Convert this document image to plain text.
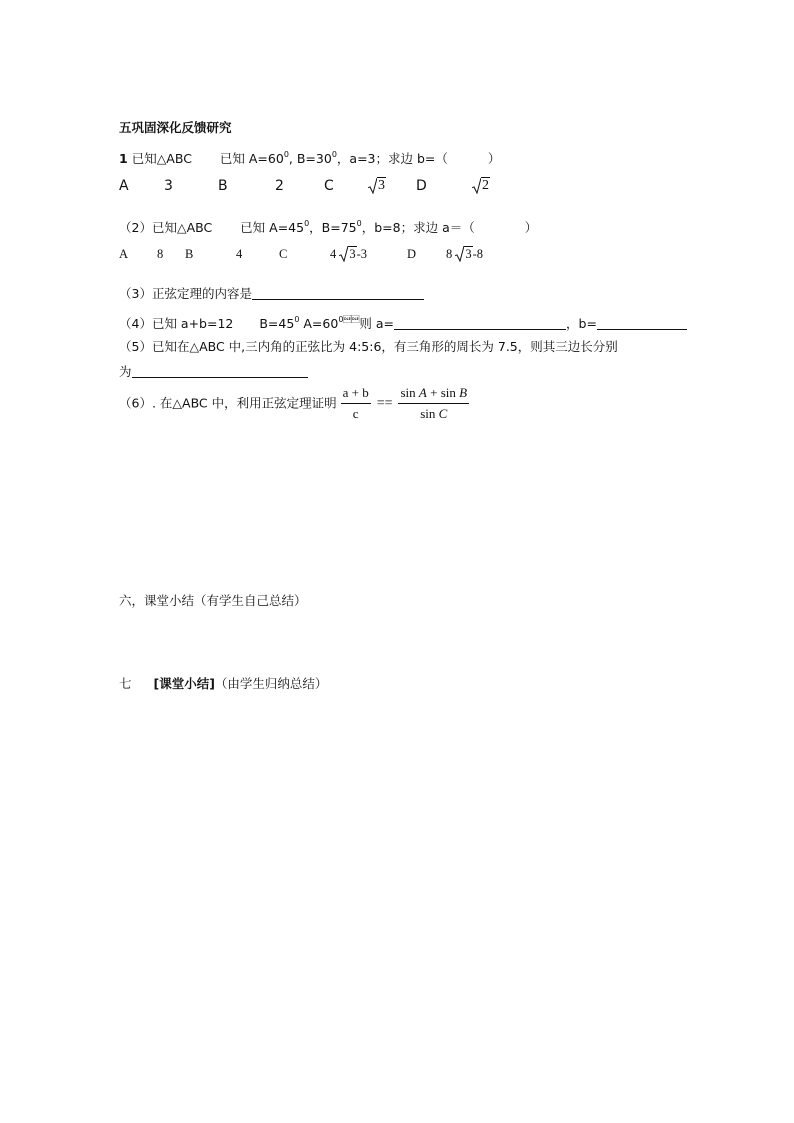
五巩固深化反馈研究
1 已知△ABC 已知 $A=60^0$, $B=30^0$，a=3；求边 b=（	）
A	3	B	2	C	3 D	2
（2）已知△ABC 已知 $A=45^0$，$B=75^0$，b=8；求边 a＝（	）
A 8 B	4	C	4 3-3	D 8 3-8
（3）正弦定理的内容是
（4）已知 a+b=12 $B=45^0$ $A=60^{0}$则 a=	，b=
（5）已知在△ABC 中,三内角的正弦比为 4:5:6，有三角形的周长为 7.5，则其三边长分别
为
（6）. 在△ABC 中，利用正弦定理证明 $\frac{a + b}{c} == \frac{\text{sin A + sin B}}{\text{sin C}}$
六，课堂小结（有学生自己总结）
七 [课堂小结]（由学生归纳总结）
